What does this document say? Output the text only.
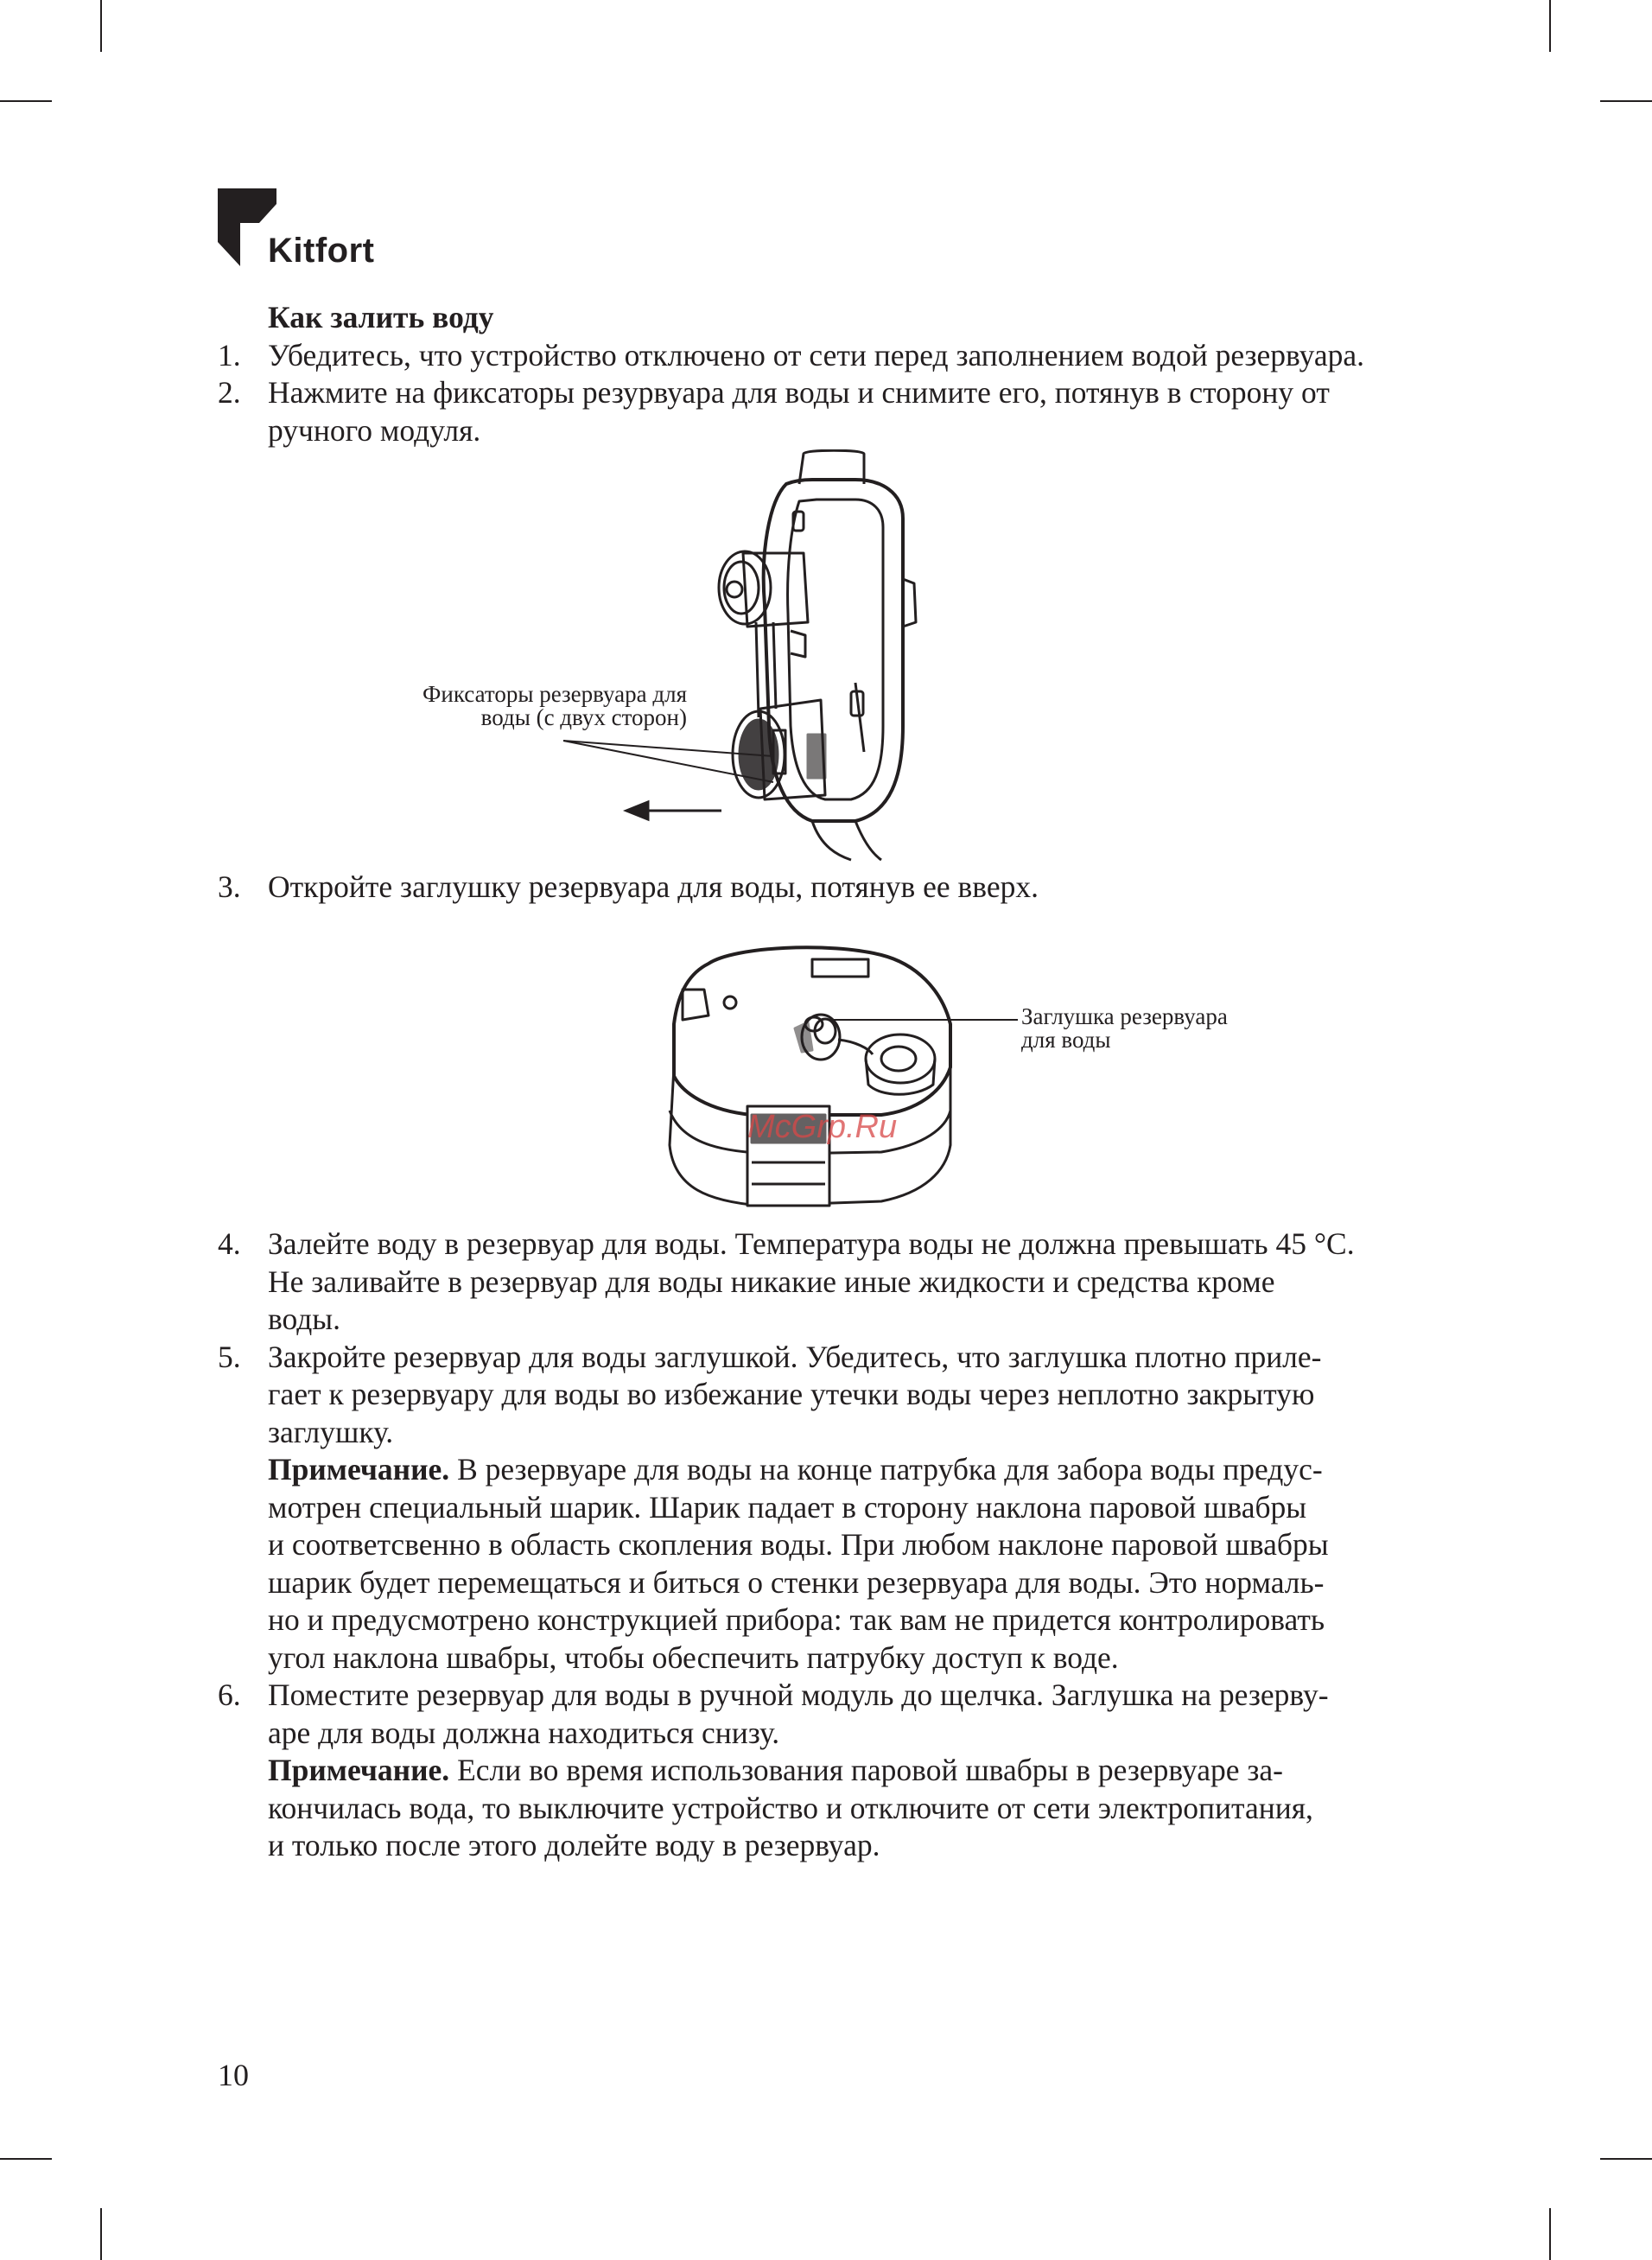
Kitfort
Как залить воду
1. Убедитесь, что устройство отключено от сети перед заполнением водой резервуара.
2. Нажмите на фиксаторы резурвуара для воды и снимите его, потянув в сторону от
ручного модуля.
Фиксаторы резервуара для
воды (с двух сторон)
3. Откройте заглушку резервуара для воды, потянув ее вверх.
Заглушка резервуара
для воды
McGrp.Ru
4. Залейте воду в резервуар для воды. Температура воды не должна превышать 45 °С.
Не заливайте в резервуар для воды никакие иные жидкости и средства кроме
воды.
5. Закройте резервуар для воды заглушкой. Убедитесь, что заглушка плотно приле-
гает к резервуару для воды во избежание утечки воды через неплотно закрытую
заглушку.
Примечание. В резервуаре для воды на конце патрубка для забора воды предус-
мотрен специальный шарик. Шарик падает в сторону наклона паровой швабры
и соответсвенно в область скопления воды. При любом наклоне паровой швабры
шарик будет перемещаться и биться о стенки резервуара для воды. Это нормаль-
но и предусмотрено конструкцией прибора: так вам не придется контролировать
угол наклона швабры, чтобы обеспечить патрубку доступ к воде.
6. Поместите резервуар для воды в ручной модуль до щелчка. Заглушка на резерву-
аре для воды должна находиться снизу.
Примечание. Если во время использования паровой швабры в резервуаре за-
кончилась вода, то выключите устройство и отключите от сети электропитания,
и только после этого долейте воду в резервуар.
10
